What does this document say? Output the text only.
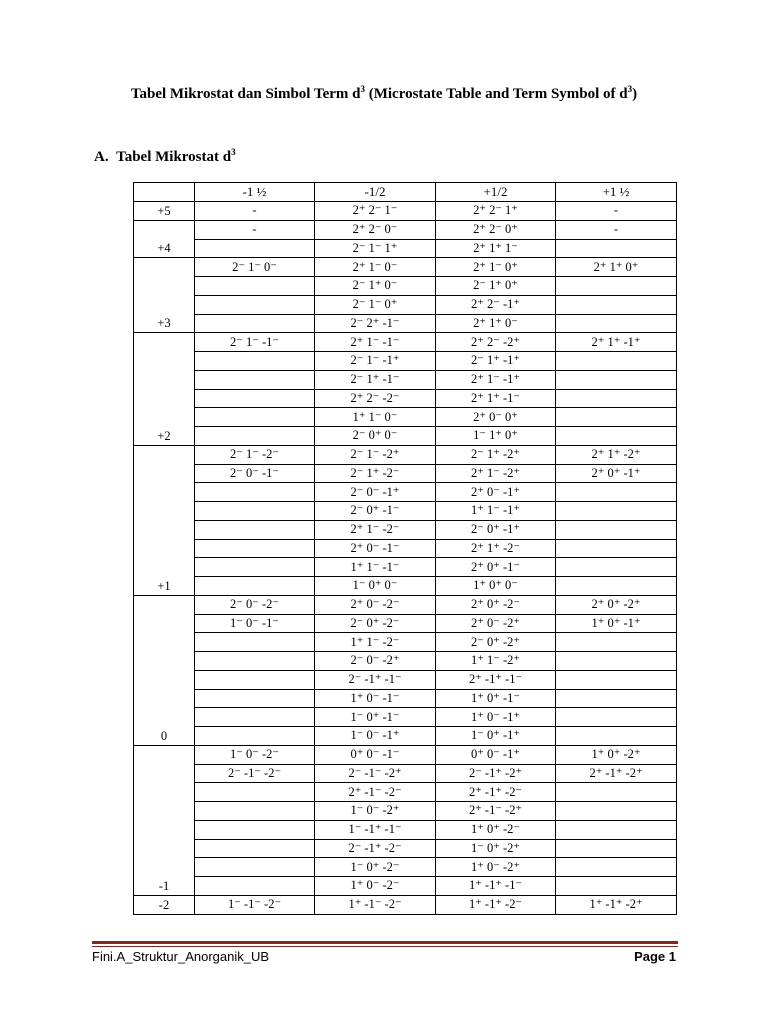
Tabel Mikrostat dan Simbol Term $d^3$ (Microstate Table and Term Symbol of $d^3$)
A.  Tabel Mikrostat $d^3$
	-1 ½	-1/2	+1/2	+1 ½

+5	-	2⁺ 2⁻ 1⁻	2⁺ 2⁻ 1⁺	-

+4	-	2⁺ 2⁻ 0⁻	2⁺ 2⁻ 0⁺	-
		2⁻ 1⁻ 1⁺	2⁺ 1⁺ 1⁻	

+3	2⁻ 1⁻ 0⁻	2⁺ 1⁻ 0⁻	2⁺ 1⁻ 0⁺	2⁺ 1⁺ 0⁺
		2⁻ 1⁺ 0⁻	2⁻ 1⁺ 0⁺	
		2⁻ 1⁻ 0⁺	2⁺ 2⁻ -1⁺	
		2⁻ 2⁺ -1⁻	2⁺ 1⁺ 0⁻	

+2	2⁻ 1⁻ -1⁻	2⁺ 1⁻ -1⁻	2⁺ 2⁻ -2⁺	2⁺ 1⁺ -1⁺
		2⁻ 1⁻ -1⁺	2⁻ 1⁺ -1⁺	
		2⁻ 1⁺ -1⁻	2⁺ 1⁻ -1⁺	
		2⁺ 2⁻ -2⁻	2⁺ 1⁺ -1⁻	
		1⁺ 1⁻ 0⁻	2⁺ 0⁻ 0⁺	
		2⁻ 0⁺ 0⁻	1⁻ 1⁺ 0⁺	

+1	2⁻ 1⁻ -2⁻	2⁻ 1⁻ -2⁺	2⁻ 1⁺ -2⁺	2⁺ 1⁺ -2⁺
	2⁻ 0⁻ -1⁻	2⁻ 1⁺ -2⁻	2⁺ 1⁻ -2⁺	2⁺ 0⁺ -1⁺
		2⁻ 0⁻ -1⁺	2⁺ 0⁻ -1⁺	
		2⁻ 0⁺ -1⁻	1⁺ 1⁻ -1⁺	
		2⁺ 1⁻ -2⁻	2⁻ 0⁺ -1⁺	
		2⁺ 0⁻ -1⁻	2⁺ 1⁺ -2⁻	
		1⁺ 1⁻ -1⁻	2⁺ 0⁺ -1⁻	
		1⁻ 0⁺ 0⁻	1⁺ 0⁺ 0⁻	

0	2⁻ 0⁻ -2⁻	2⁺ 0⁻ -2⁻	2⁺ 0⁺ -2⁻	2⁺ 0⁺ -2⁺
	1⁻ 0⁻ -1⁻	2⁻ 0⁺ -2⁻	2⁺ 0⁻ -2⁺	1⁺ 0⁺ -1⁺
		1⁺ 1⁻ -2⁻	2⁻ 0⁺ -2⁺	
		2⁻ 0⁻ -2⁺	1⁺ 1⁻ -2⁺	
		2⁻ -1⁺ -1⁻	2⁺ -1⁺ -1⁻	
		1⁺ 0⁻ -1⁻	1⁺ 0⁺ -1⁻	
		1⁻ 0⁺ -1⁻	1⁺ 0⁻ -1⁺	
		1⁻ 0⁻ -1⁺	1⁻ 0⁺ -1⁺	

-1	1⁻ 0⁻ -2⁻	0⁺ 0⁻ -1⁻	0⁺ 0⁻ -1⁺	1⁺ 0⁺ -2⁺
	2⁻ -1⁻ -2⁻	2⁻ -1⁻ -2⁺	2⁻ -1⁺ -2⁺	2⁺ -1⁺ -2⁺
		2⁺ -1⁻ -2⁻	2⁺ -1⁺ -2⁻	
		1⁻ 0⁻ -2⁺	2⁺ -1⁻ -2⁺	
		1⁻ -1⁺ -1⁻	1⁺ 0⁺ -2⁻	
		2⁻ -1⁺ -2⁻	1⁻ 0⁺ -2⁺	
		1⁻ 0⁺ -2⁻	1⁺ 0⁻ -2⁺	
		1⁺ 0⁻ -2⁻	1⁺ -1⁺ -1⁻	

-2	1⁻ -1⁻ -2⁻	1⁺ -1⁻ -2⁻	1⁺ -1⁺ -2⁻	1⁺ -1⁺ -2⁺
Fini.A_Struktur_Anorganik_UB	Page 1
